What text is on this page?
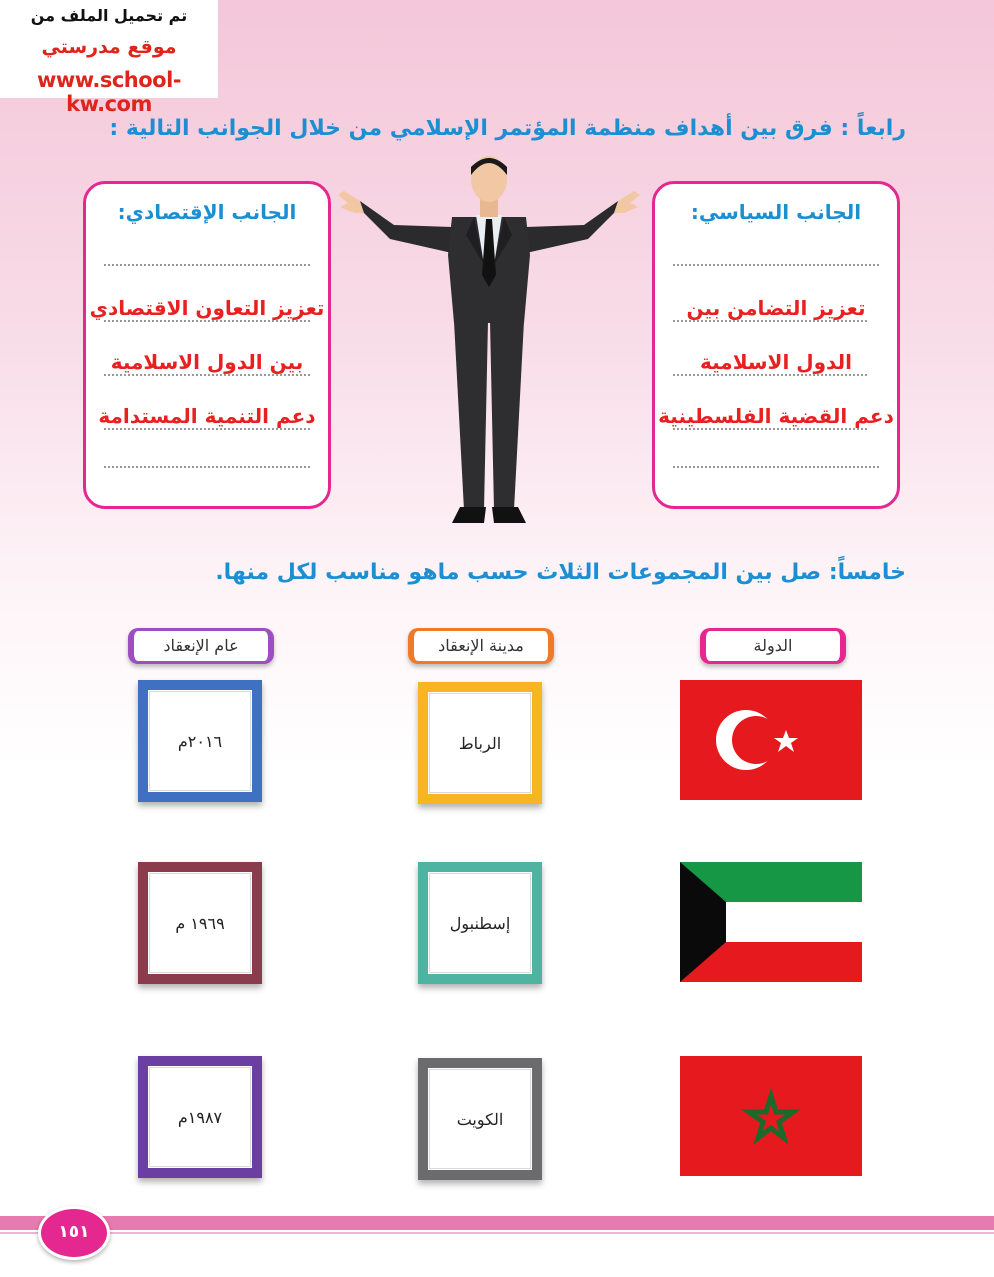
تم تحميل الملف من
موقع مدرستي
www.school-kw.com
رابعاً : فرق بين أهداف منظمة المؤتمر الإسلامي من خلال الجوانب التالية :
الجانب السياسي:
تعزيز التضامن بين
الدول الاسلامية
دعم القضية الفلسطينية
الجانب الإقتصادي:
تعزيز التعاون الاقتصادي
بين الدول الاسلامية
دعم التنمية المستدامة
خامساً: صل بين المجموعات الثلاث حسب ماهو مناسب لكل منها.
الدولة
مدينة الإنعقاد
عام الإنعقاد
الرباط
إسطنبول
الكويت
٢٠١٦م
١٩٦٩ م
١٩٨٧م
١٥١
